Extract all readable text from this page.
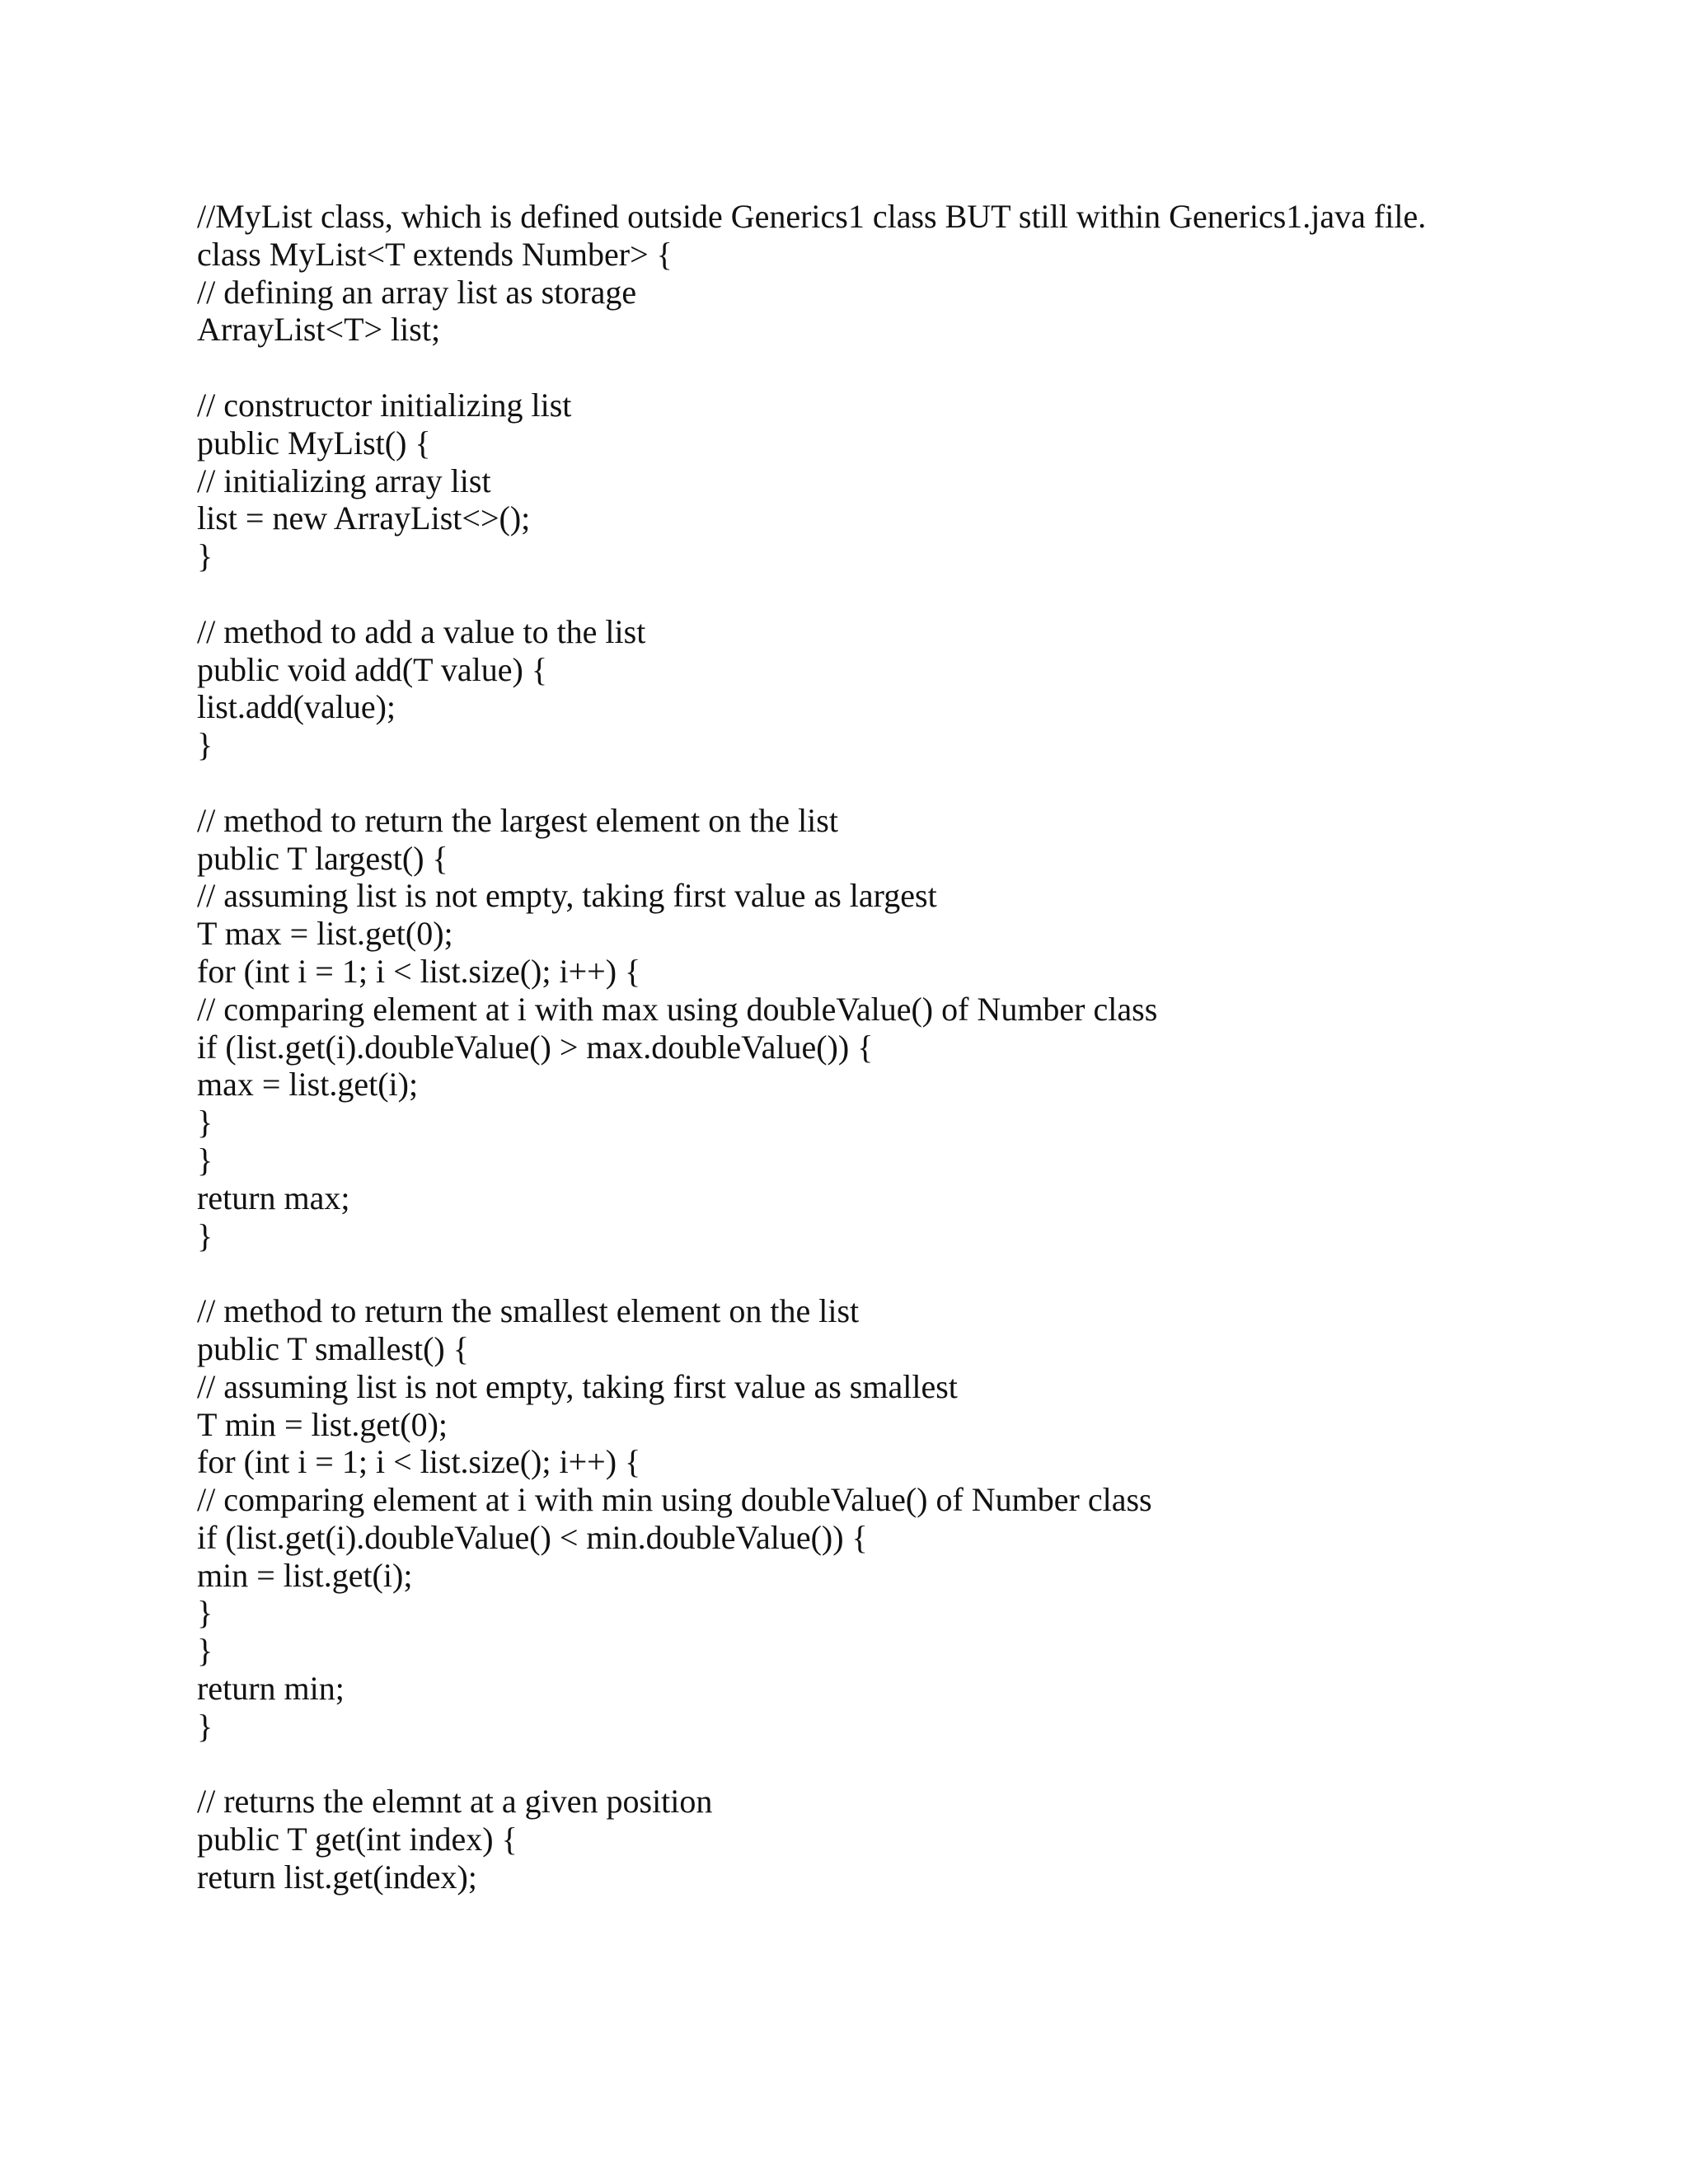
//MyList class, which is defined outside Generics1 class BUT still within Generics1.java file.
class MyList<T extends Number> {
// defining an array list as storage
ArrayList<T> list;
// constructor initializing list
public MyList() {
// initializing array list
list = new ArrayList<>();
}
// method to add a value to the list
public void add(T value) {
list.add(value);
}
// method to return the largest element on the list
public T largest() {
// assuming list is not empty, taking first value as largest
T max = list.get(0);
for (int i = 1; i < list.size(); i++) {
// comparing element at i with max using doubleValue() of Number class
if (list.get(i).doubleValue() > max.doubleValue()) {
max = list.get(i);
}
}
return max;
}
// method to return the smallest element on the list
public T smallest() {
// assuming list is not empty, taking first value as smallest
T min = list.get(0);
for (int i = 1; i < list.size(); i++) {
// comparing element at i with min using doubleValue() of Number class
if (list.get(i).doubleValue() < min.doubleValue()) {
min = list.get(i);
}
}
return min;
}
// returns the elemnt at a given position
public T get(int index) {
return list.get(index);
